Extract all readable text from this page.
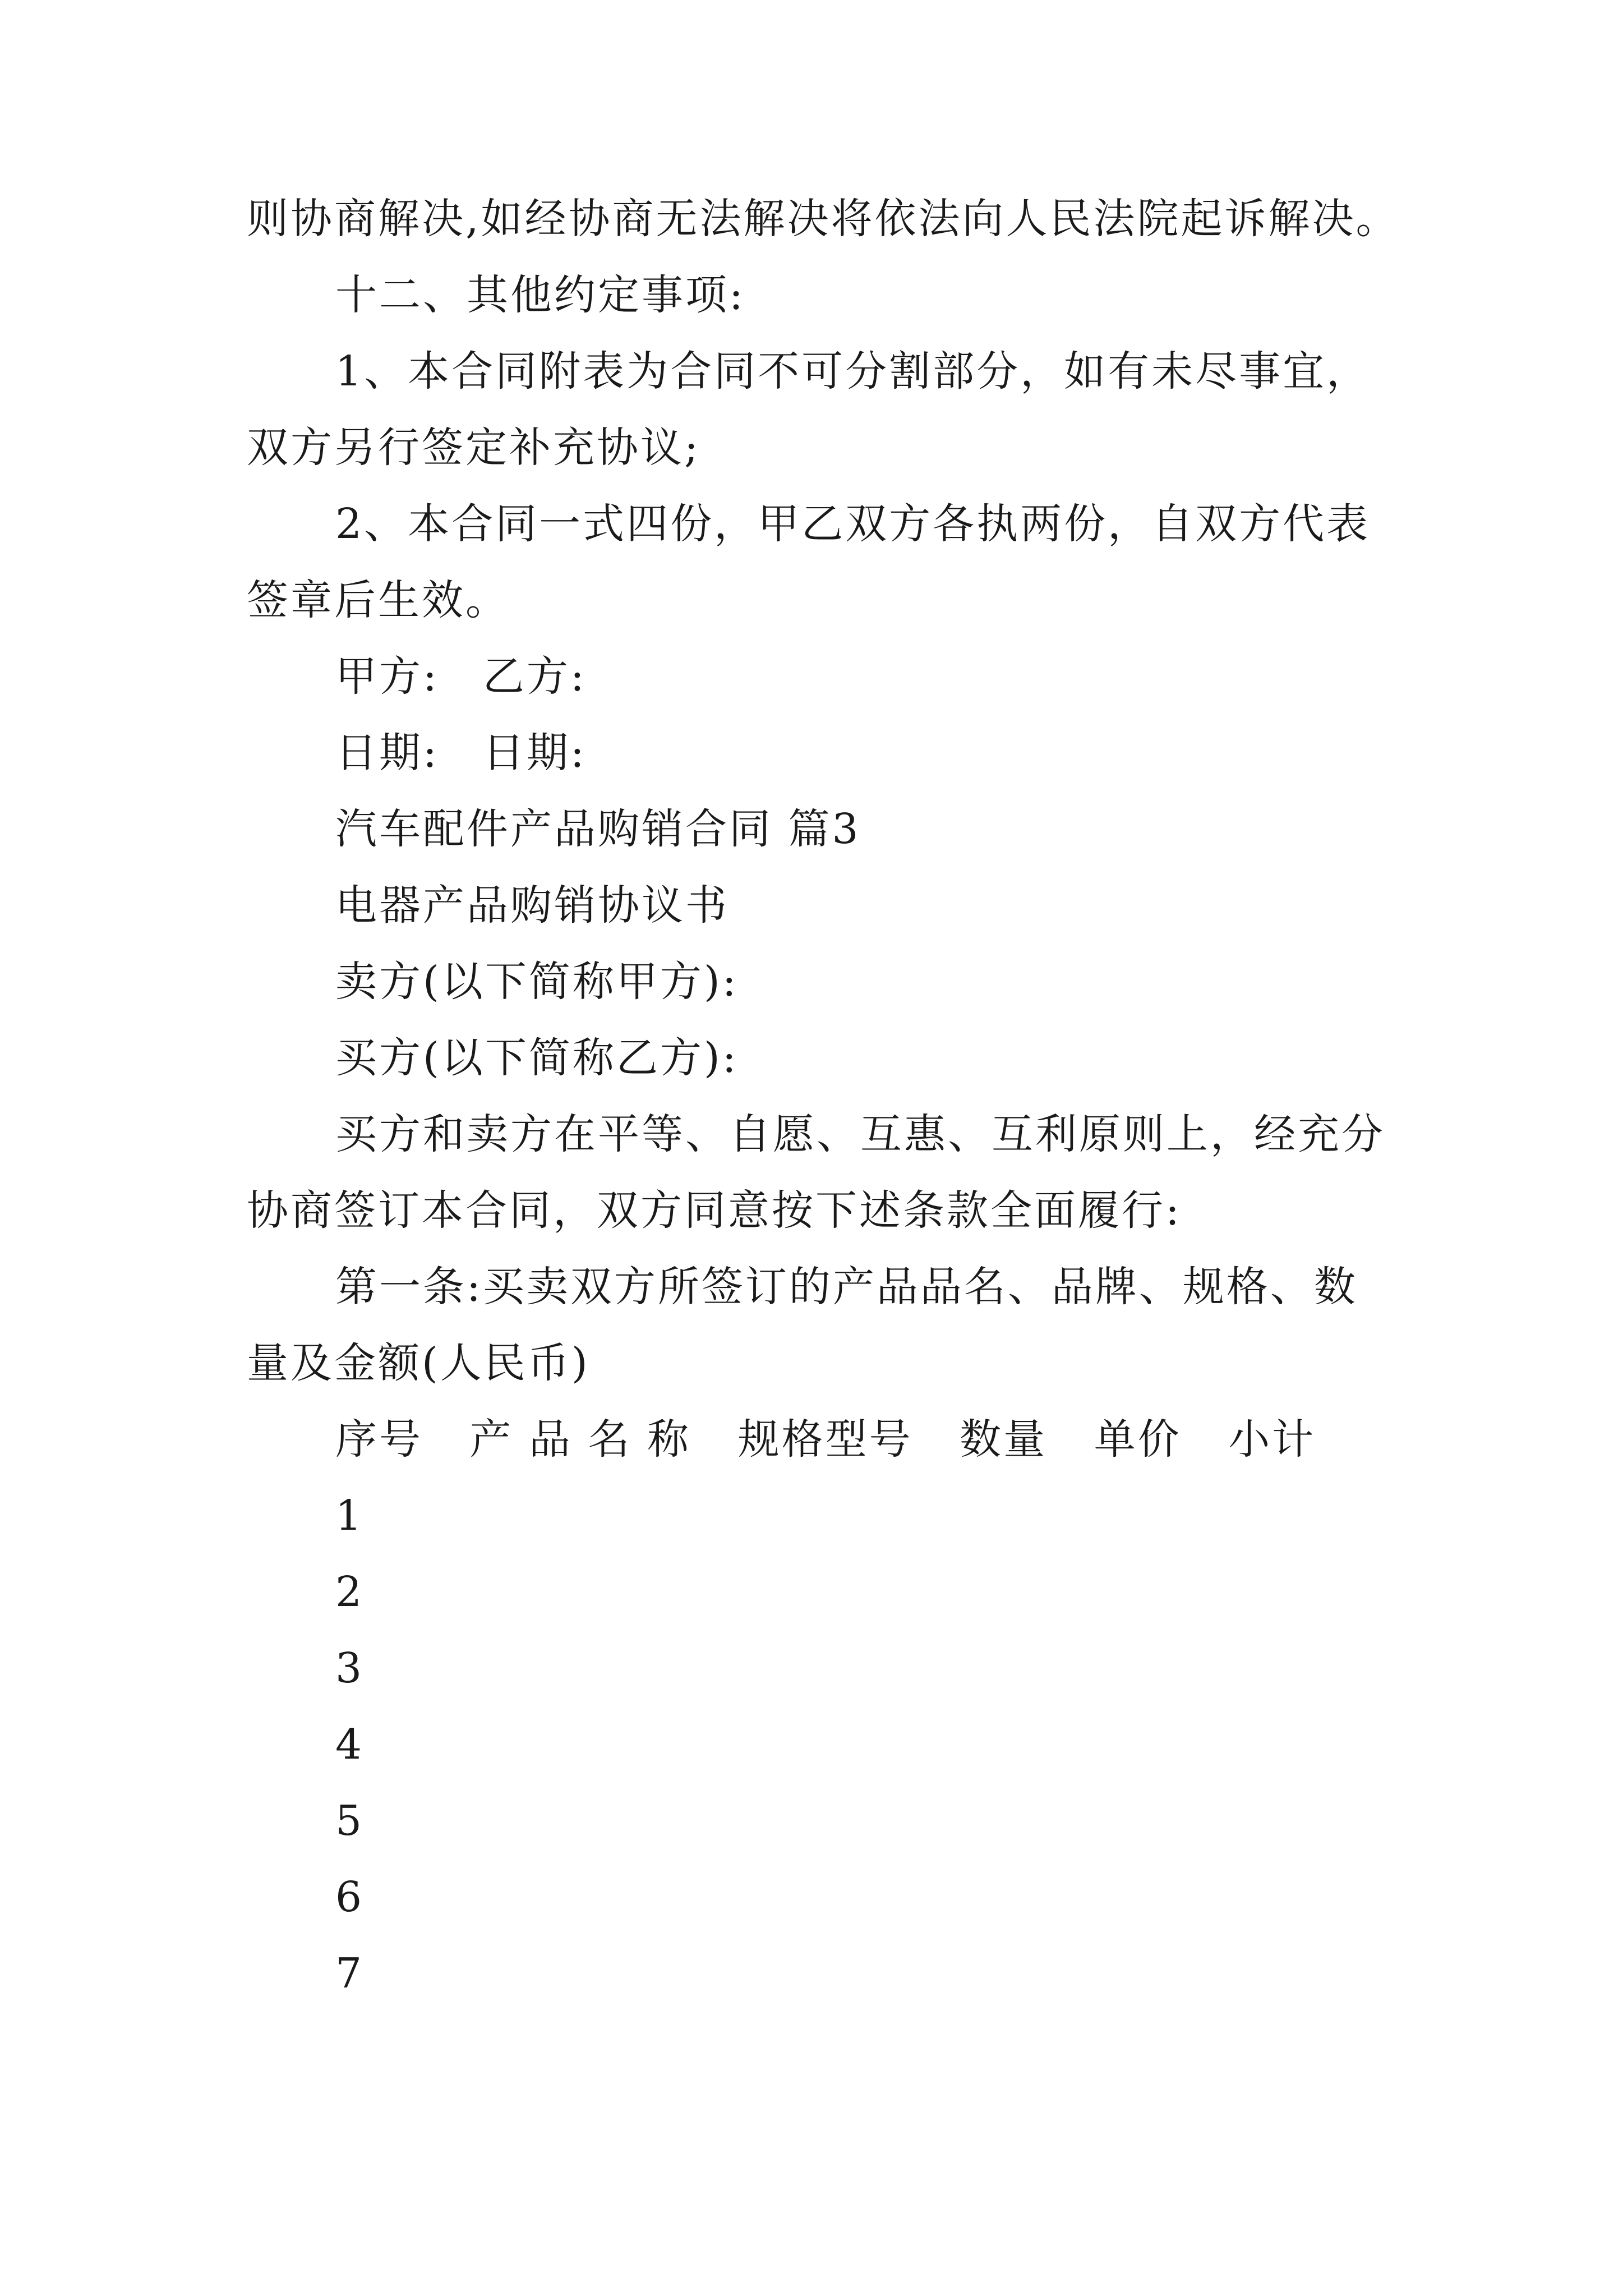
则协商解决,如经协商无法解决将依法向人民法院起诉解决。

十二、其他约定事项:

1、本合同附表为合同不可分割部分，如有未尽事宜，

双方另行签定补充协议;

2、本合同一式四份，甲乙双方各执两份，自双方代表

签章后生效。

甲方:　乙方:

日期:　日期:

汽车配件产品购销合同 篇3

电器产品购销协议书

卖方(以下简称甲方):

买方(以下简称乙方):

买方和卖方在平等、自愿、互惠、互利原则上，经充分

协商签订本合同，双方同意按下述条款全面履行:

第一条:买卖双方所签订的产品品名、品牌、规格、数

量及金额(人民币)

序号 产 品 名 称 规格型号 数量 单价 小计
1
2
3
4
5
6
7
